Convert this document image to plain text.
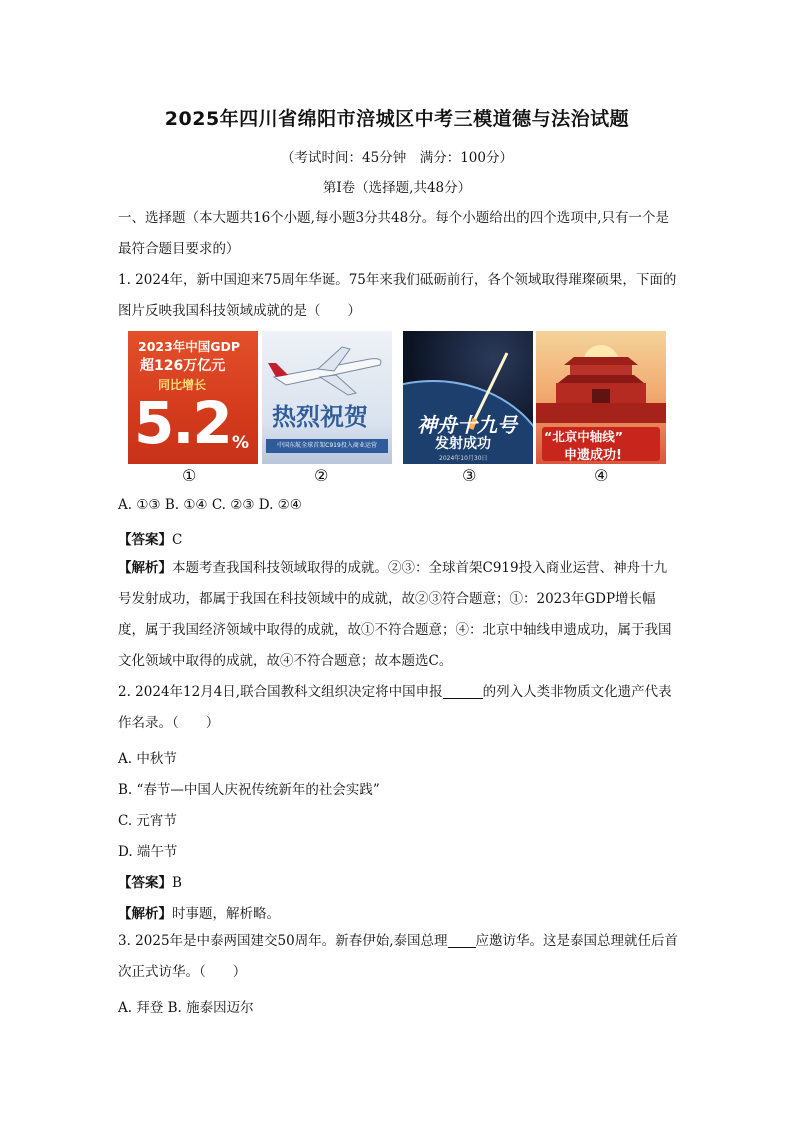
2025年四川省绵阳市涪城区中考三模道德与法治试题
（考试时间：45分钟　满分：100分）
第Ⅰ卷（选择题,共48分）
一、选择题（本大题共16个小题,每小题3分共48分。每个小题给出的四个选项中,只有一个是最符合题目要求的）
1. 2024年，新中国迎来75周年华诞。75年来我们砥砺前行，各个领域取得璀璨硕果，下面的图片反映我国科技领域成就的是（　　）
2023年中国GDP
超126万亿元
同比增长
5.2 %
热烈祝贺
中国东航全球首架C919投入商业运营
神舟十九号
发射成功
2024年10月30日
“北京中轴线”
申遗成功!
①	②	③	④
A. ①③ B. ①④ C. ②③ D. ②④
【答案】C
【解析】本题考查我国科技领域取得的成就。②③：全球首架C919投入商业运营、神舟十九号发射成功，都属于我国在科技领域中的成就，故②③符合题意；①：2023年GDP增长幅度，属于我国经济领域中取得的成就，故①不符合题意；④：北京中轴线申遗成功，属于我国文化领域中取得的成就，故④不符合题意；故本题选C。
2. 2024年12月4日,联合国教科文组织决定将中国申报	的列入人类非物质文化遗产代表作名录。（　　）
A. 中秋节
B. “春节—中国人庆祝传统新年的社会实践”
C. 元宵节
D. 端午节
【答案】B
【解析】时事题，解析略。
3. 2025年是中泰两国建交50周年。新春伊始,泰国总理 应邀访华。这是泰国总理就任后首次正式访华。（　　）
A. 拜登 B. 施泰因迈尔
